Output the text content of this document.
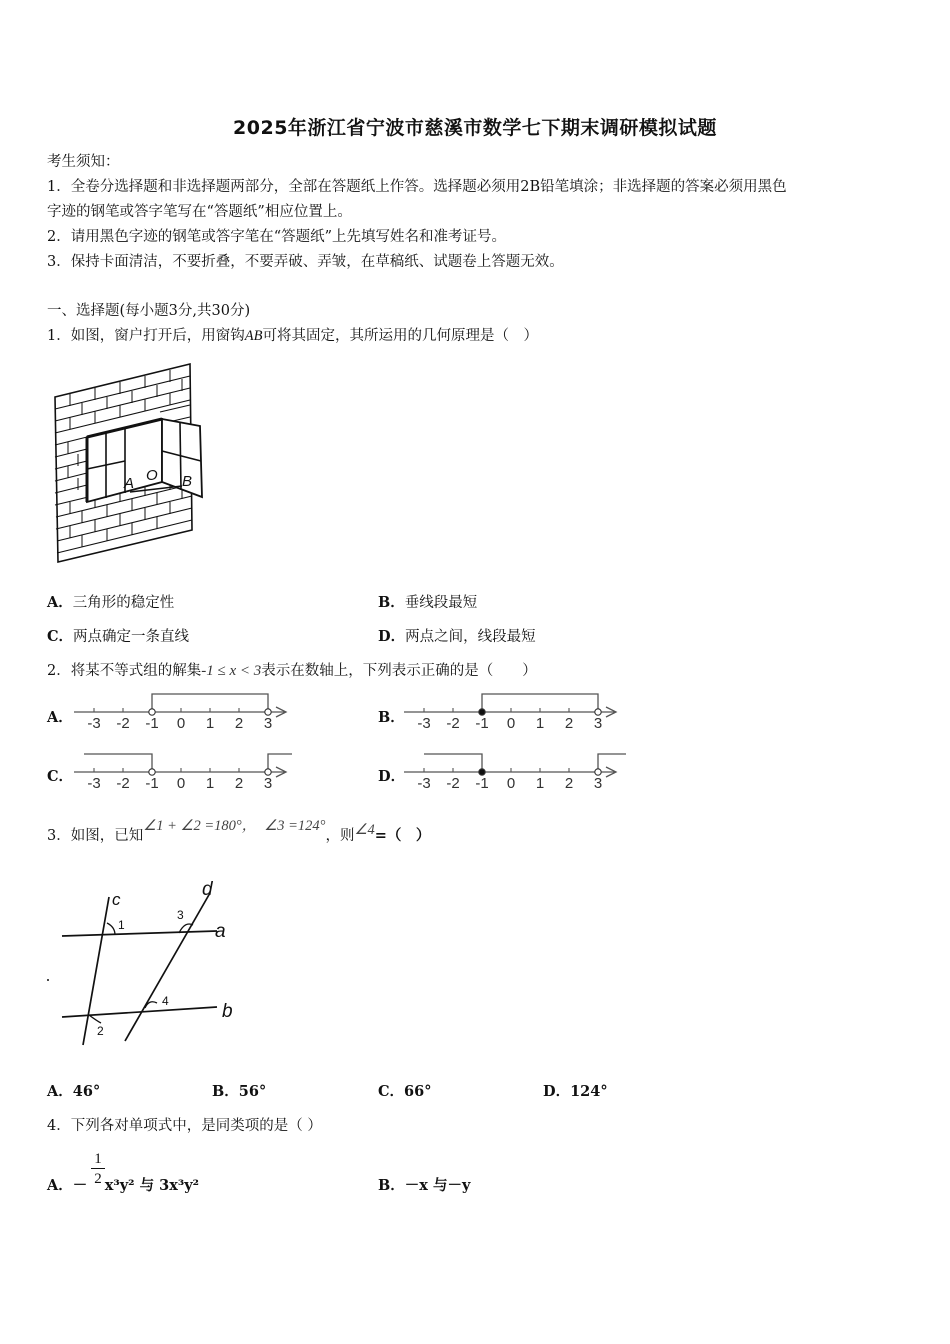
2025年浙江省宁波市慈溪市数学七下期末调研模拟试题
考生须知：
1．全卷分选择题和非选择题两部分，全部在答题纸上作答。选择题必须用2B铅笔填涂；非选择题的答案必须用黑色
字迹的钢笔或答字笔写在“答题纸”相应位置上。
2．请用黑色字迹的钢笔或答字笔在“答题纸”上先填写姓名和准考证号。
3．保持卡面清洁，不要折叠，不要弄破、弄皱，在草稿纸、试题卷上答题无效。
一、选择题(每小题3分,共30分)
1．如图，窗户打开后，用窗钩AB可将其固定，其所运用的几何原理是（　）
A O B
A．三角形的稳定性	B．垂线段最短
C．两点确定一条直线	D．两点之间，线段最短
2．将某不等式组的解集-1 ≤ x < 3表示在数轴上，下列表示正确的是（　　）
A．	B．
C．	D．
-3 -2 -1 0 1 2 3	-3 -2 -1 0 1 2 3
-3 -2 -1 0 1 2 3	-3 -2 -1 0 1 2 3
3．如图，已知∠1 + ∠2 =180°， ∠3 =124°，则∠4=（　）
c	d
a
b
1
2
3
4
A．46°	B．56°	C．66°	D．124°
4．下列各对单项式中，是同类项的是（ ）
A．－ x³y² 与 3x³y²
1
2	B．－x 与－y
